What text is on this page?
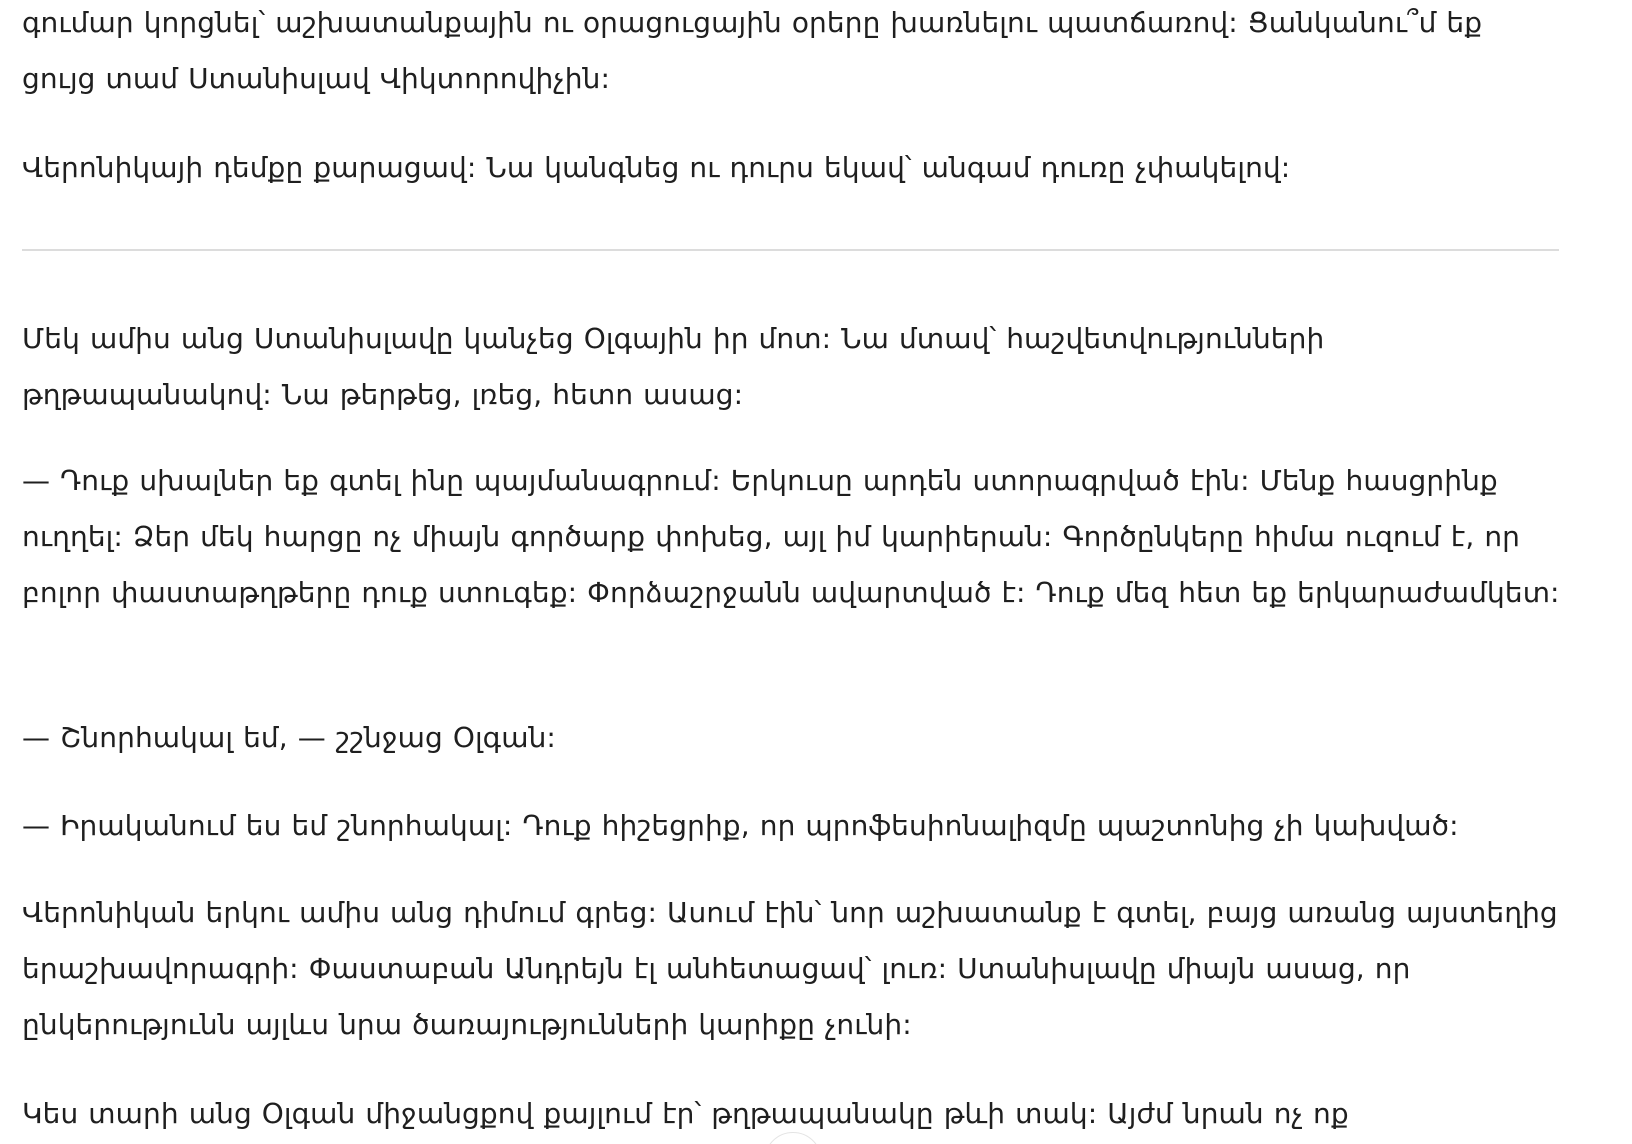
գումար կորցնել՝ աշխատանքային ու օրացուցային օրերը խառնելու պատճառով: Ցանկանու՞մ եք ցույց տամ Ստանիսլավ Վիկտորովիչին:

Վերոնիկայի դեմքը քարացավ: Նա կանգնեց ու դուրս եկավ՝ անգամ դուռը չփակելով:

Մեկ ամիս անց Ստանիսլավը կանչեց Օլգային իր մոտ: Նա մտավ՝ հաշվետվությունների թղթապանակով: Նա թերթեց, լռեց, հետո ասաց:

— Դուք սխալներ եք գտել ինը պայմանագրում: Երկուսը արդեն ստորագրված էին: Մենք հասցրինք ուղղել: Ձեր մեկ հարցը ոչ միայն գործարք փոխեց, այլ իմ կարիերան: Գործընկերը հիմա ուզում է, որ բոլոր փաստաթղթերը դուք ստուգեք: Փորձաշրջանն ավարտված է: Դուք մեզ հետ եք երկարաժամկետ:

— Շնորհակալ եմ, — շշնջաց Օլգան:

— Իրականում ես եմ շնորհակալ: Դուք հիշեցրիք, որ պրոֆեսիոնալիզմը պաշտոնից չի կախված:

Վերոնիկան երկու ամիս անց դիմում գրեց: Ասում էին՝ նոր աշխատանք է գտել, բայց առանց այստեղից երաշխավորագրի: Փաստաբան Անդրեյն էլ անհետացավ՝ լուռ: Ստանիսլավը միայն ասաց, որ ընկերությունն այլևս նրա ծառայությունների կարիքը չունի:

Կես տարի անց Օլգան միջանցքով քայլում էր՝ թղթապանակը թևի տակ: Այժմ նրան ոչ ոք
